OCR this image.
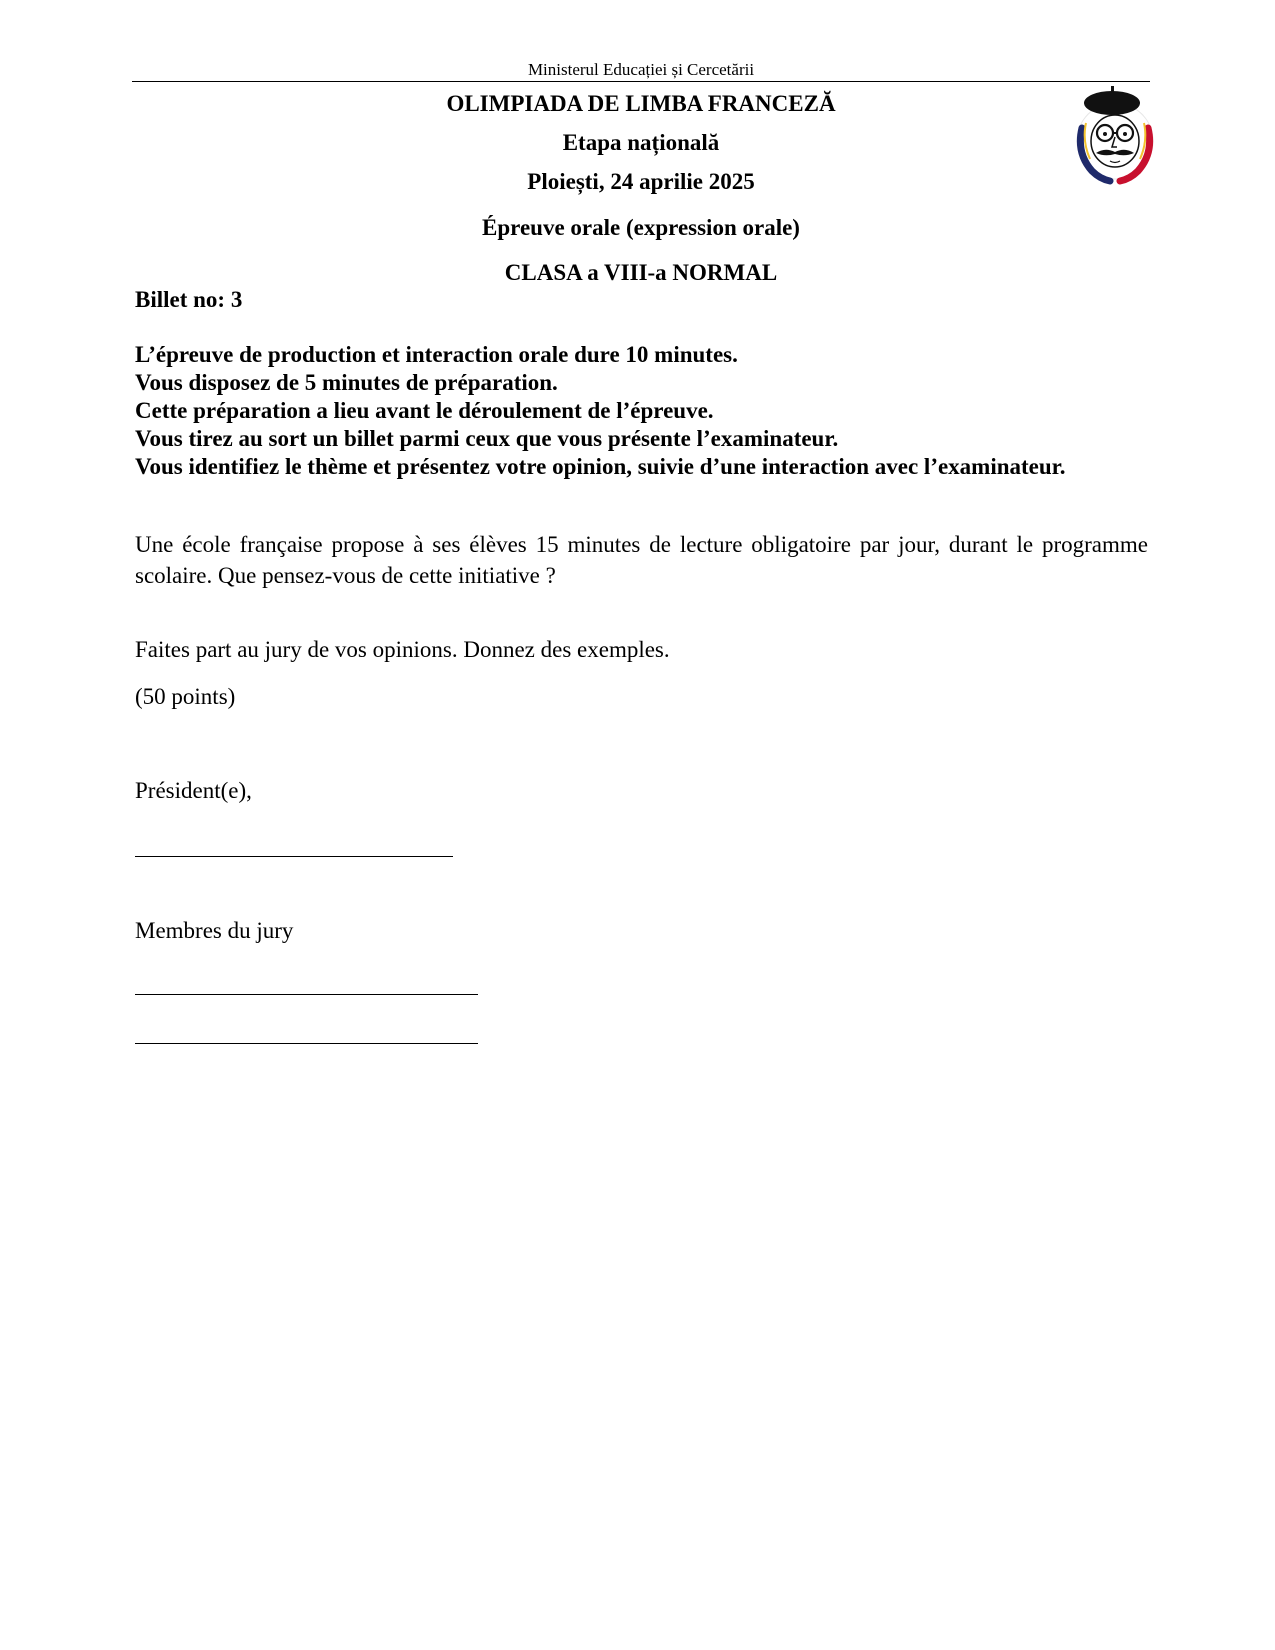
Ministerul Educației și Cercetării
OLIMPIADA DE LIMBA FRANCEZĂ
Etapa națională
Ploiești, 24 aprilie 2025
Épreuve orale (expression orale)
CLASA a VIII-a NORMAL
Billet no: 3
L’épreuve de production et interaction orale dure 10 minutes.
Vous disposez de 5 minutes de préparation.
Cette préparation a lieu avant le déroulement de l’épreuve.
Vous tirez au sort un billet parmi ceux que vous présente l’examinateur.
Vous identifiez le thème et présentez votre opinion, suivie d’une interaction avec l’examinateur.
Une école française propose à ses élèves 15 minutes de lecture obligatoire par jour, durant le programme scolaire. Que pensez-vous de cette initiative ?
Faites part au jury de vos opinions. Donnez des exemples.
(50 points)
Président(e),
Membres du jury
